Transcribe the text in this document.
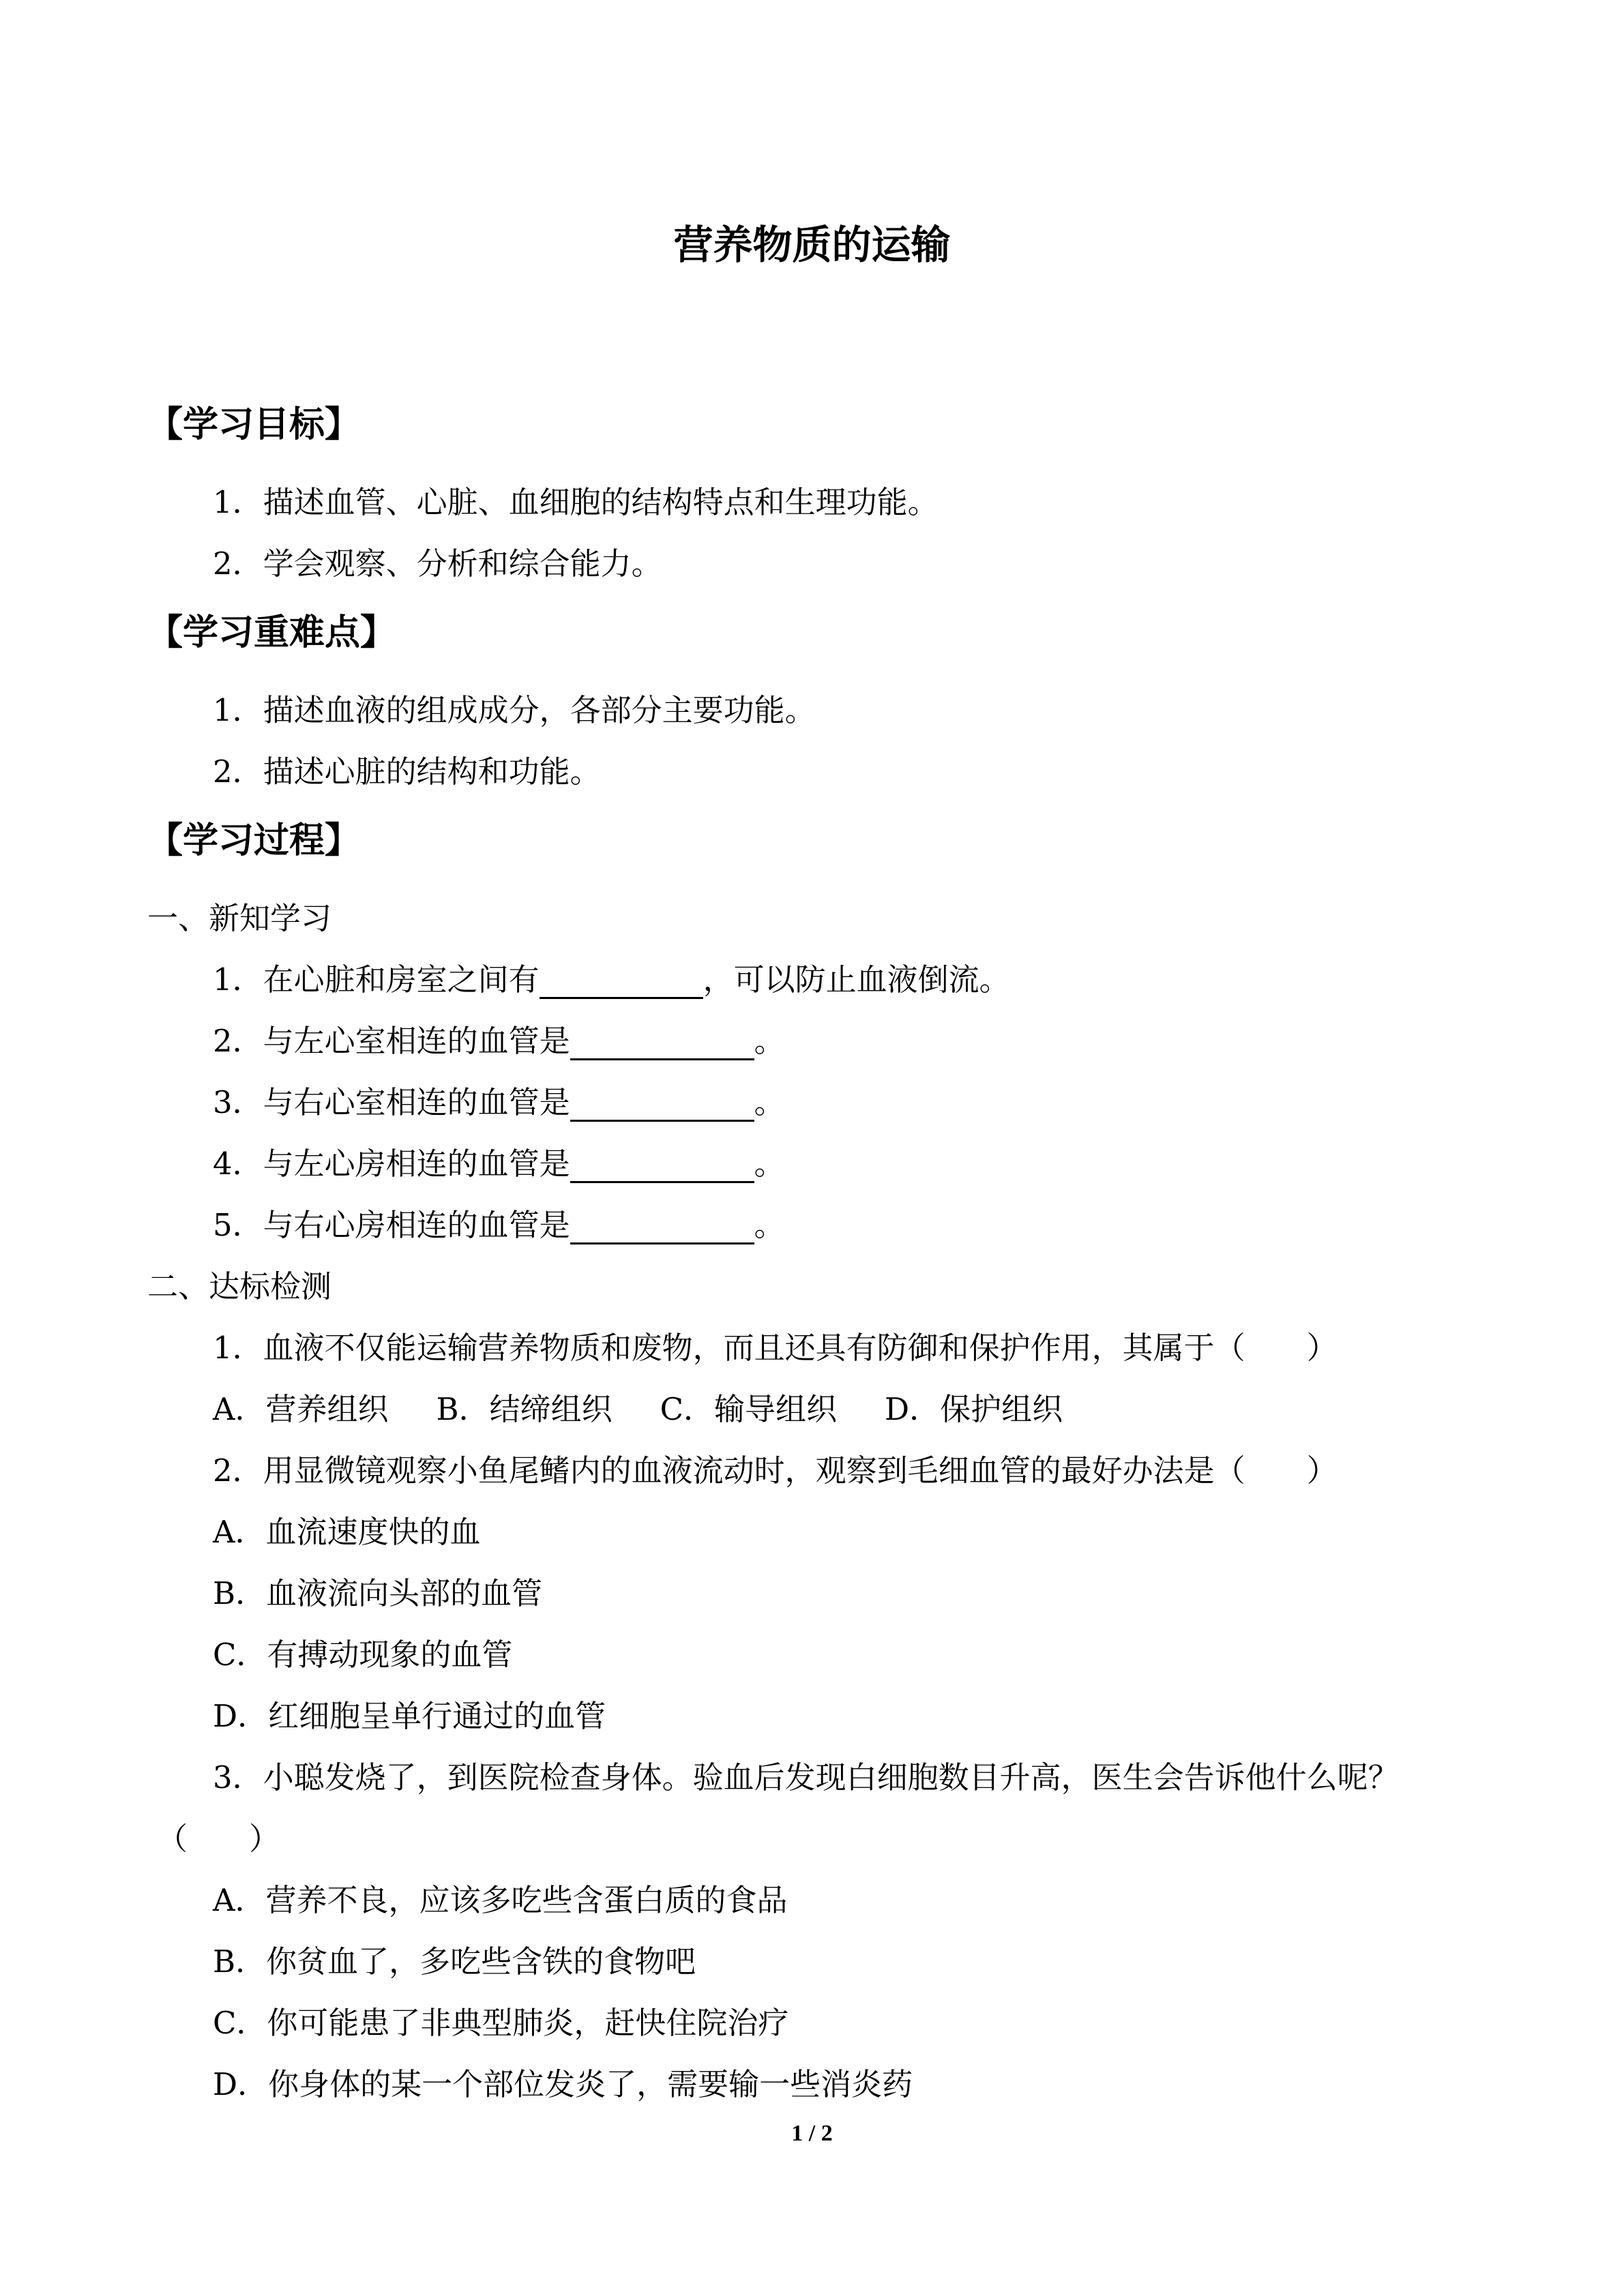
营养物质的运输
【学习目标】
1．描述血管、心脏、血细胞的结构特点和生理功能。
2．学会观察、分析和综合能力。
【学习重难点】
1．描述血液的组成成分，各部分主要功能。
2．描述心脏的结构和功能。
【学习过程】
一、新知学习
1．在心脏和房室之间有	，可以防止血液倒流。
2．与左心室相连的血管是	。
3．与右心室相连的血管是	。
4．与左心房相连的血管是	。
5．与右心房相连的血管是	。
二、达标检测
1．血液不仅能运输营养物质和废物，而且还具有防御和保护作用，其属于（　　）
A．营养组织 B．结缔组织 C．输导组织 D．保护组织
2．用显微镜观察小鱼尾鳍内的血液流动时，观察到毛细血管的最好办法是（　　）
A．血流速度快的血
B．血液流向头部的血管
C．有搏动现象的血管
D．红细胞呈单行通过的血管
3．小聪发烧了，到医院检查身体。验血后发现白细胞数目升高，医生会告诉他什么呢？
（　　）
A．营养不良，应该多吃些含蛋白质的食品
B．你贫血了，多吃些含铁的食物吧
C．你可能患了非典型肺炎，赶快住院治疗
D．你身体的某一个部位发炎了，需要输一些消炎药
1 / 2
